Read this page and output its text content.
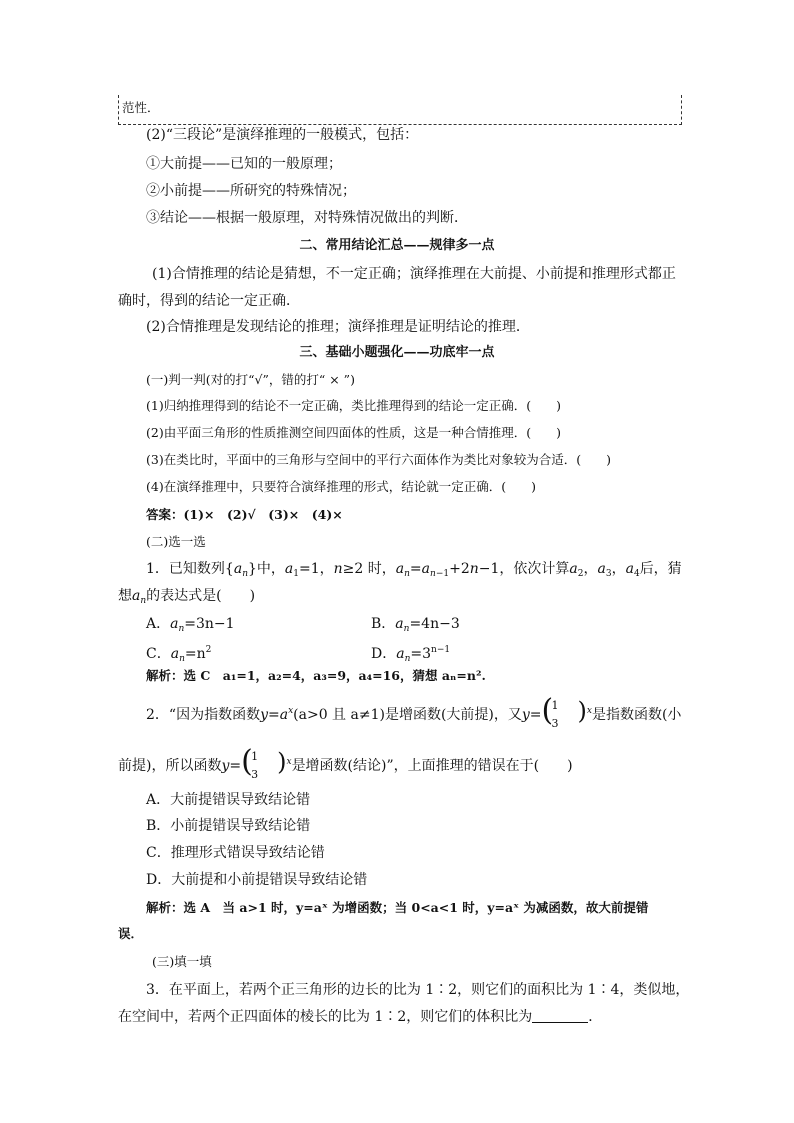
范性．
(2)“三段论”是演绎推理的一般模式，包括：
①大前提——已知的一般原理；
②小前提——所研究的特殊情况；
③结论——根据一般原理，对特殊情况做出的判断．
二、常用结论汇总——规律多一点
(1)合情推理的结论是猜想，不一定正确；演绎推理在大前提、小前提和推理形式都正
确时，得到的结论一定正确．
(2)合情推理是发现结论的推理；演绎推理是证明结论的推理．
三、基础小题强化——功底牢一点
(一)判一判(对的打“√”，错的打“ × ”)
(1)归纳推理得到的结论不一定正确，类比推理得到的结论一定正确．(　　)
(2)由平面三角形的性质推测空间四面体的性质，这是一种合情推理．(　　)
(3)在类比时，平面中的三角形与空间中的平行六面体作为类比对象较为合适．(　　)
(4)在演绎推理中，只要符合演绎推理的形式，结论就一定正确．(　　)
答案：(1)×　(2)√　(3)×　(4)×
(二)选一选
1．已知数列$\{a_n\}$中，$a_1=1$，n≥2 时，$a_n=a_{n-1}+2n-1$，依次计算$a_2$，$a_3$，$a_4$后，猜
想$a_n$的表达式是(　　)
A．$a_n=3n-1$	B．$a_n=4n-3$
C．$a_n=n^2$	D．$a_n=3^{n-1}$
解析：选 C　a₁=1，a₂=4，a₃=9，a₄=16，猜想 aₙ=n².
2．“因为指数函数$y=a^x(a>0$ 且 a≠1)是增函数(大前提)，又y= (
1
3 )$^x$是指数函数(小
前提)，所以函数y= (
1
3 )$^x$是增函数(结论)”，上面推理的错误在于(　　)
A．大前提错误导致结论错
B．小前提错误导致结论错
C．推理形式错误导致结论错
D．大前提和小前提错误导致结论错
解析：选 A　当 a>1 时，y=aˣ 为增函数；当 0<a<1 时，y=aˣ 为减函数，故大前提错
误．
(三)填一填
3．在平面上，若两个正三角形的边长的比为 1∶2，则它们的面积比为 1∶4，类似地，
在空间中，若两个正四面体的棱长的比为 1∶2，则它们的体积比为	．
